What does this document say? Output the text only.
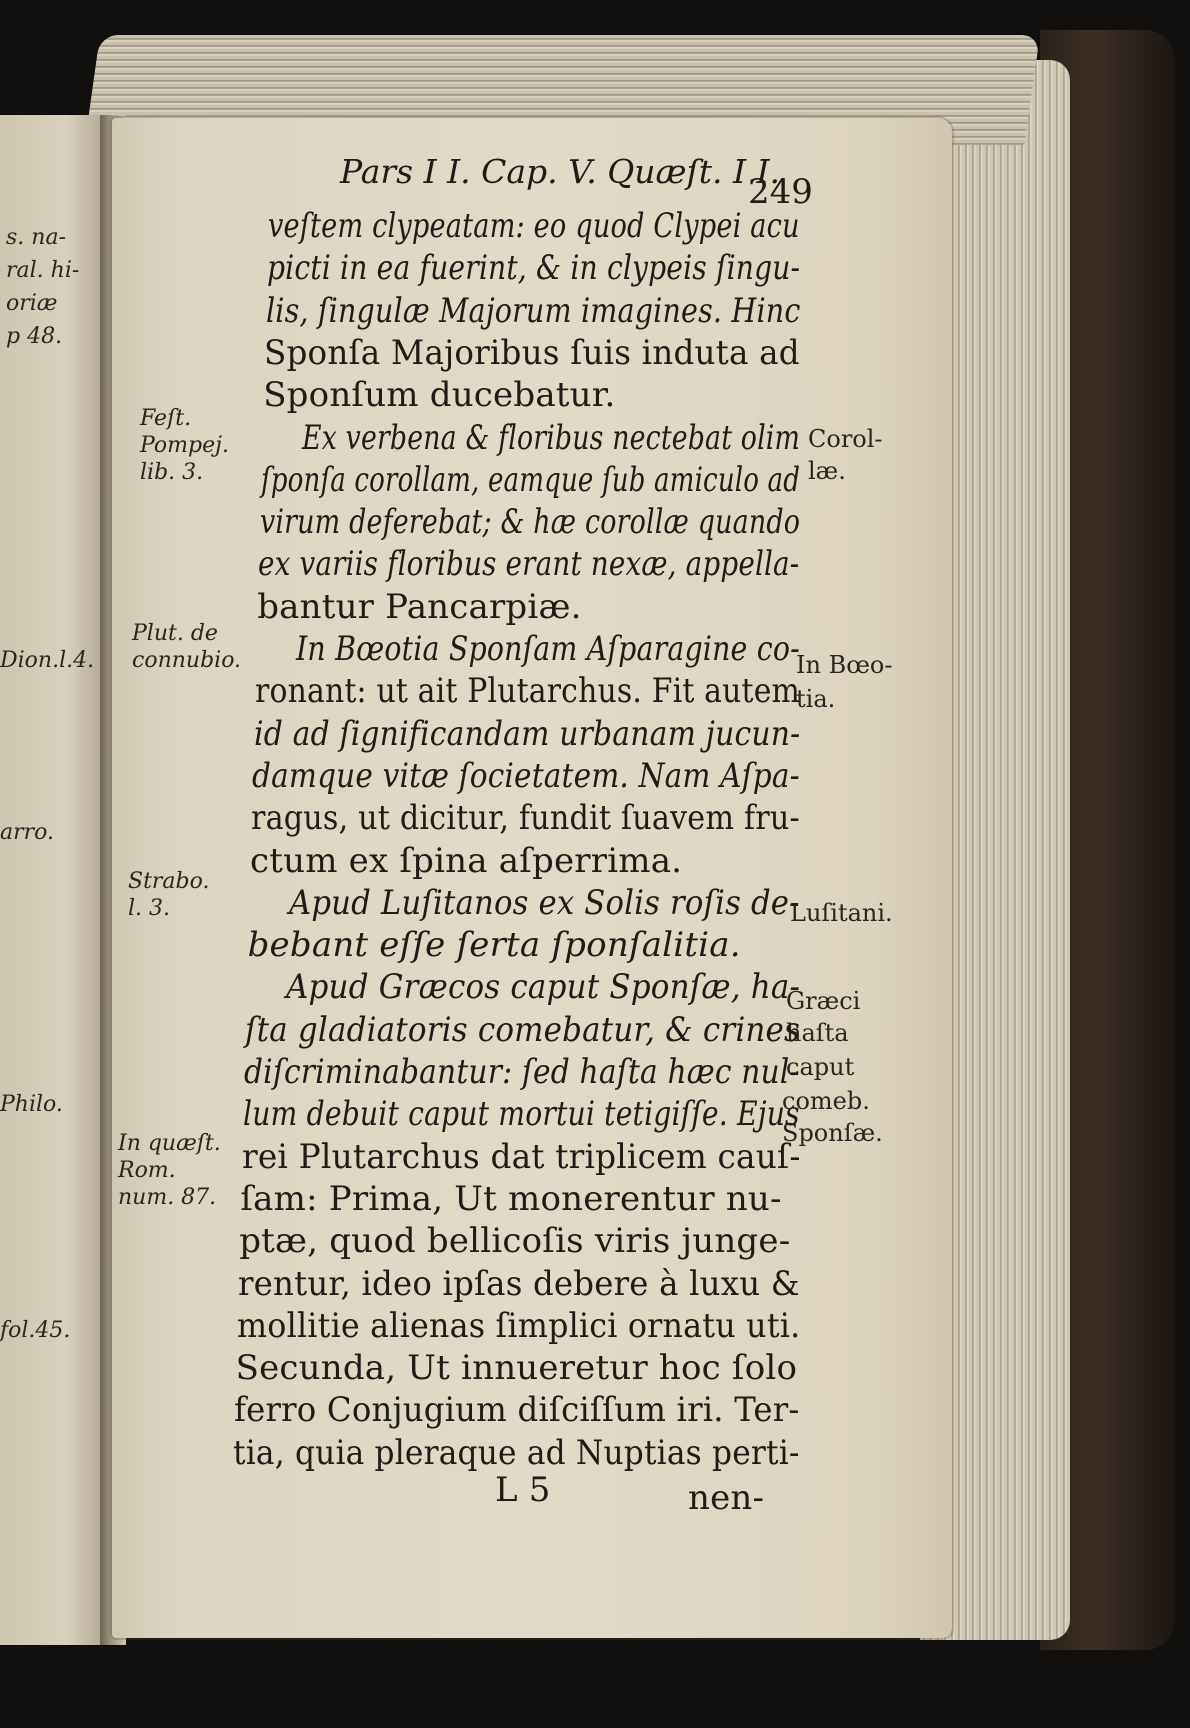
s. na-
ral. hi-
oriæ
p 48.
Dion.l.4.
arro.
Philo.
fol.45.
Pars I I. Cap. V. Quæſt. I I.
249
Feſt. Pompej. lib. 3.
Plut. de connubio.
Strabo. l. 3.
In quæſt. Rom. num. 87.
Corol-
læ.
In Bœo-
tia.
Luſitani.
Græci
haſta
caput
comeb.
Sponſæ.
veſtem clypeatam: eo quod Clypei acu
picti in ea fuerint, & in clypeis ſingu-
lis, ſingulæ Majorum imagines. Hinc
Sponſa Majoribus ſuis induta ad
Sponſum ducebatur.
Ex verbena & floribus nectebat olim
ſponſa corollam, eamque ſub amiculo ad
virum deferebat; & hæ corollæ quando
ex variis floribus erant nexæ, appella-
bantur Pancarpiæ.
In Bœotia Sponſam Aſparagine co-
ronant: ut ait Plutarchus. Fit autem
id ad ſignificandam urbanam jucun-
damque vitæ ſocietatem. Nam Aſpa-
ragus, ut dicitur, fundit ſuavem fru-
ctum ex ſpina aſperrima.
Apud Luſitanos ex Solis roſis de-
bebant eſſe ſerta ſponſalitia.
Apud Græcos caput Sponſæ, ha-
ſta gladiatoris comebatur, & crines
diſcriminabantur: ſed haſta hæc nul-
lum debuit caput mortui tetigiſſe. Ejus
rei Plutarchus dat triplicem cauſ-
ſam: Prima, Ut monerentur nu-
ptæ, quod bellicoſis viris junge-
rentur, ideo ipſas debere à luxu &
mollitie alienas ſimplici ornatu uti.
Secunda, Ut innueretur hoc ſolo
ferro Conjugium diſciſſum iri. Ter-
tia, quia pleraque ad Nuptias perti-
L 5	nen-
